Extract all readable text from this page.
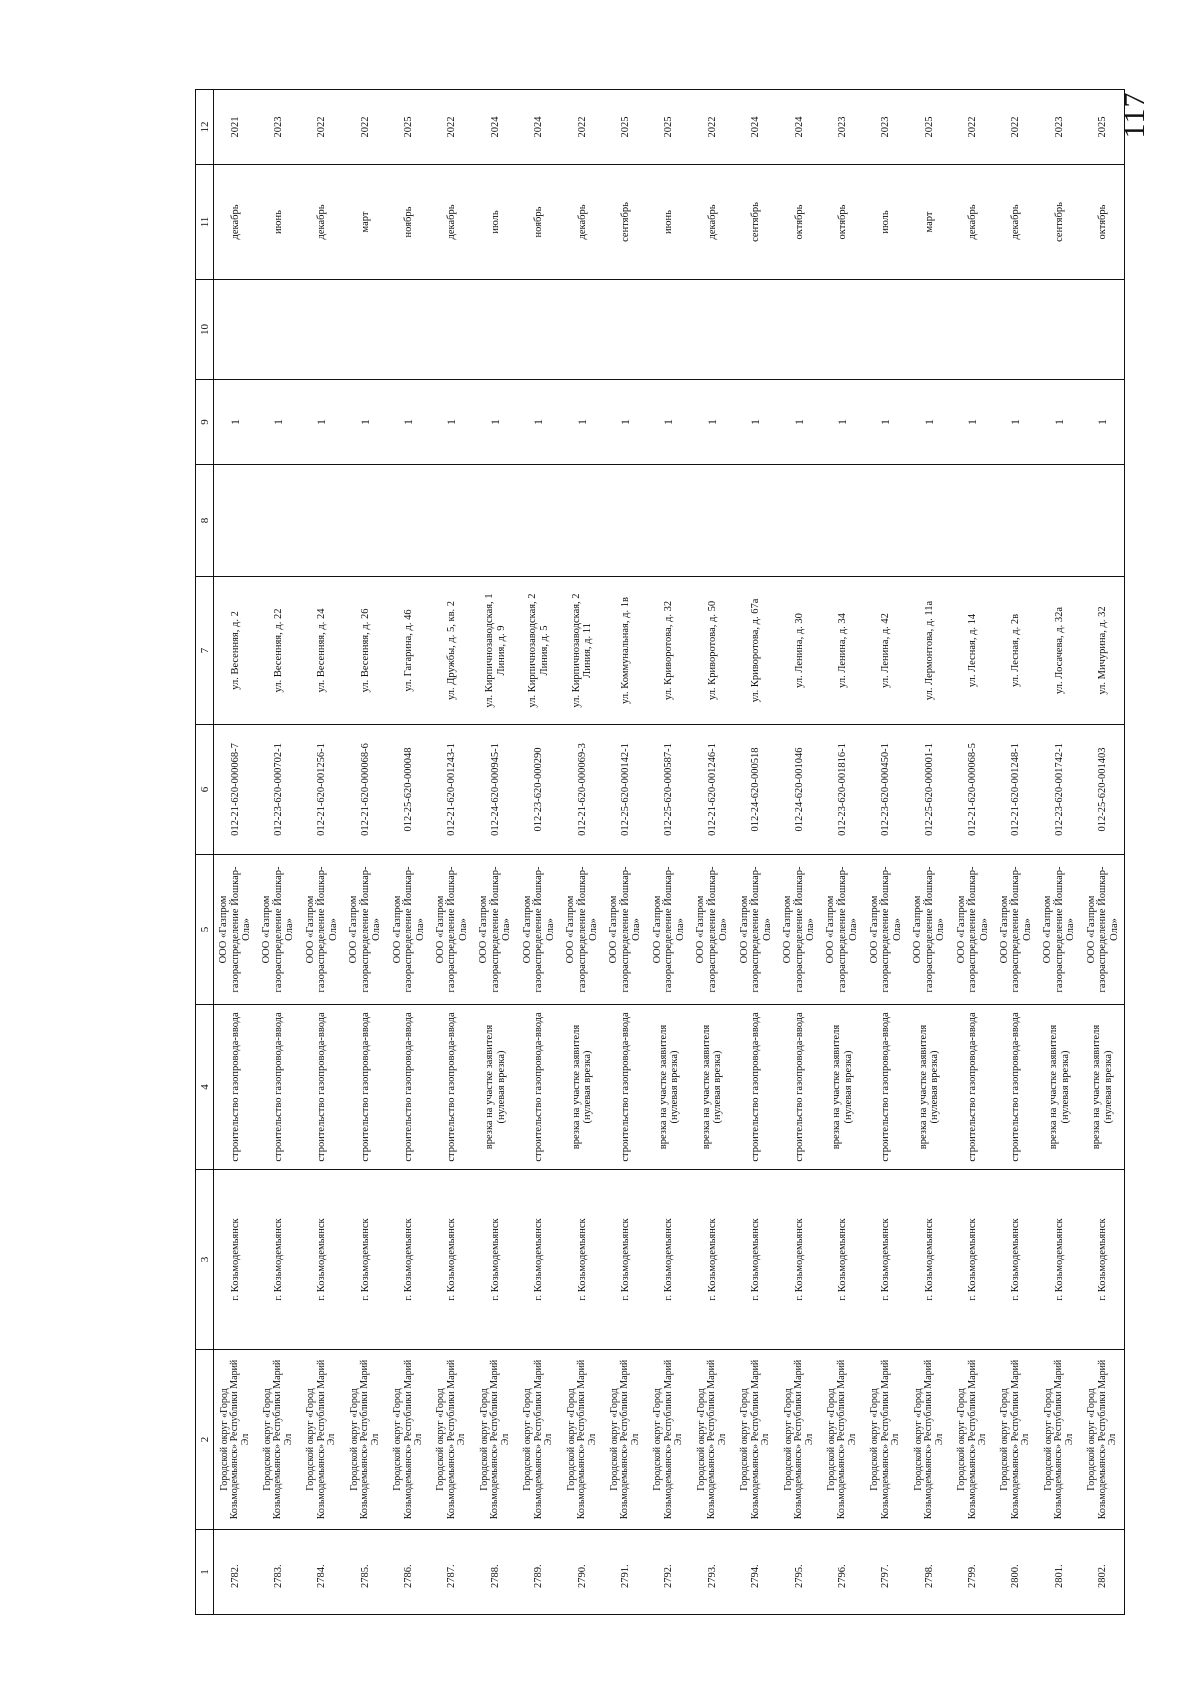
117
1	2	3	4	5	6	7	8	9	10	11	12
2782.	Городской округ «Город Козьмодемьянск» Республики Марий Эл	г. Козьмодемьянск	строительство газопровода-ввода	ООО «Газпром газораспределение Йошкар-Ола»	012-21-620-000068-7	ул. Весенняя, д. 2		1		декабрь	2021
2783.	Городской округ «Город Козьмодемьянск» Республики Марий Эл	г. Козьмодемьянск	строительство газопровода-ввода	ООО «Газпром газораспределение Йошкар-Ола»	012-23-620-000702-1	ул. Весенняя, д. 22		1		июнь	2023
2784.	Городской округ «Город Козьмодемьянск» Республики Марий Эл	г. Козьмодемьянск	строительство газопровода-ввода	ООО «Газпром газораспределение Йошкар-Ола»	012-21-620-001256-1	ул. Весенняя, д. 24		1		декабрь	2022
2785.	Городской округ «Город Козьмодемьянск» Республики Марий Эл	г. Козьмодемьянск	строительство газопровода-ввода	ООО «Газпром газораспределение Йошкар-Ола»	012-21-620-000068-6	ул. Весенняя, д. 26		1		март	2022
2786.	Городской округ «Город Козьмодемьянск» Республики Марий Эл	г. Козьмодемьянск	строительство газопровода-ввода	ООО «Газпром газораспределение Йошкар-Ола»	012-25-620-000048	ул. Гагарина, д. 46		1		ноябрь	2025
2787.	Городской округ «Город Козьмодемьянск» Республики Марий Эл	г. Козьмодемьянск	строительство газопровода-ввода	ООО «Газпром газораспределение Йошкар-Ола»	012-21-620-001243-1	ул. Дружбы, д. 5, кв. 2		1		декабрь	2022
2788.	Городской округ «Город Козьмодемьянск» Республики Марий Эл	г. Козьмодемьянск	врезка на участке заявителя (нулевая врезка)	ООО «Газпром газораспределение Йошкар-Ола»	012-24-620-000945-1	ул. Кирпичнозаводская, 1 Линия, д. 9		1		июль	2024
2789.	Городской округ «Город Козьмодемьянск» Республики Марий Эл	г. Козьмодемьянск	строительство газопровода-ввода	ООО «Газпром газораспределение Йошкар-Ола»	012-23-620-000290	ул. Кирпичнозаводская, 2 Линия, д. 5		1		ноябрь	2024
2790.	Городской округ «Город Козьмодемьянск» Республики Марий Эл	г. Козьмодемьянск	врезка на участке заявителя (нулевая врезка)	ООО «Газпром газораспределение Йошкар-Ола»	012-21-620-000069-3	ул. Кирпичнозаводская, 2 Линия, д. 11		1		декабрь	2022
2791.	Городской округ «Город Козьмодемьянск» Республики Марий Эл	г. Козьмодемьянск	строительство газопровода-ввода	ООО «Газпром газораспределение Йошкар-Ола»	012-25-620-000142-1	ул. Коммунальная, д. 1в		1		сентябрь	2025
2792.	Городской округ «Город Козьмодемьянск» Республики Марий Эл	г. Козьмодемьянск	врезка на участке заявителя (нулевая врезка)	ООО «Газпром газораспределение Йошкар-Ола»	012-25-620-000587-1	ул. Криворотова, д. 32		1		июнь	2025
2793.	Городской округ «Город Козьмодемьянск» Республики Марий Эл	г. Козьмодемьянск	врезка на участке заявителя (нулевая врезка)	ООО «Газпром газораспределение Йошкар-Ола»	012-21-620-001246-1	ул. Криворотова, д. 50		1		декабрь	2022
2794.	Городской округ «Город Козьмодемьянск» Республики Марий Эл	г. Козьмодемьянск	строительство газопровода-ввода	ООО «Газпром газораспределение Йошкар-Ола»	012-24-620-000518	ул. Криворотова, д. 67а		1		сентябрь	2024
2795.	Городской округ «Город Козьмодемьянск» Республики Марий Эл	г. Козьмодемьянск	строительство газопровода-ввода	ООО «Газпром газораспределение Йошкар-Ола»	012-24-620-001046	ул. Ленина, д. 30		1		октябрь	2024
2796.	Городской округ «Город Козьмодемьянск» Республики Марий Эл	г. Козьмодемьянск	врезка на участке заявителя (нулевая врезка)	ООО «Газпром газораспределение Йошкар-Ола»	012-23-620-001816-1	ул. Ленина, д. 34		1		октябрь	2023
2797.	Городской округ «Город Козьмодемьянск» Республики Марий Эл	г. Козьмодемьянск	строительство газопровода-ввода	ООО «Газпром газораспределение Йошкар-Ола»	012-23-620-000450-1	ул. Ленина, д. 42		1		июль	2023
2798.	Городской округ «Город Козьмодемьянск» Республики Марий Эл	г. Козьмодемьянск	врезка на участке заявителя (нулевая врезка)	ООО «Газпром газораспределение Йошкар-Ола»	012-25-620-000001-1	ул. Лермонтова, д. 11а		1		март	2025
2799.	Городской округ «Город Козьмодемьянск» Республики Марий Эл	г. Козьмодемьянск	строительство газопровода-ввода	ООО «Газпром газораспределение Йошкар-Ола»	012-21-620-000068-5	ул. Лесная, д. 14		1		декабрь	2022
2800.	Городской округ «Город Козьмодемьянск» Республики Марий Эл	г. Козьмодемьянск	строительство газопровода-ввода	ООО «Газпром газораспределение Йошкар-Ола»	012-21-620-001248-1	ул. Лесная, д. 2в		1		декабрь	2022
2801.	Городской округ «Город Козьмодемьянск» Республики Марий Эл	г. Козьмодемьянск	врезка на участке заявителя (нулевая врезка)	ООО «Газпром газораспределение Йошкар-Ола»	012-23-620-001742-1	ул. Лосачева, д. 32а		1		сентябрь	2023
2802.	Городской округ «Город Козьмодемьянск» Республики Марий Эл	г. Козьмодемьянск	врезка на участке заявителя (нулевая врезка)	ООО «Газпром газораспределение Йошкар-Ола»	012-25-620-001403	ул. Мичурина, д. 32		1		октябрь	2025
